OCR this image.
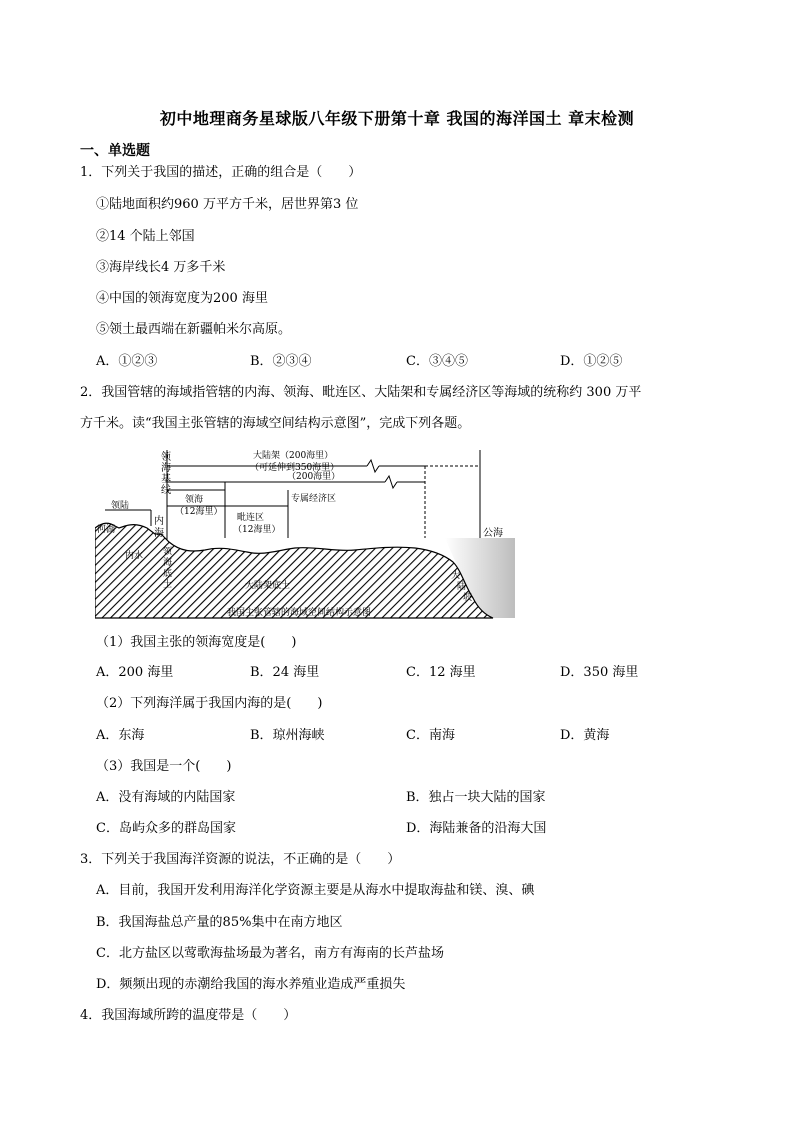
初中地理商务星球版八年级下册第十章 我国的海洋国土 章末检测
一、单选题
1．下列关于我国的描述，正确的组合是（　　）
①陆地面积约960 万平方千米，居世界第3 位
②14 个陆上邻国
③海岸线长4 万多千米
④中国的领海宽度为200 海里
⑤领土最西端在新疆帕米尔高原。
A．①②③	B．②③④	C．③④⑤	D．①②⑤
2．我国管辖的海域指管辖的内海、领海、毗连区、大陆架和专属经济区等海域的统称约 300 万平
方千米。读“我国主张管辖的海域空间结构示意图”，完成下列各题。
领
海
基
线
大陆架（200海里）
（可延伸到350海里）
（200海里）
专属经济区
领陆
领海
（12海里）
毗连区
（12海里）
河湖
内
海
内水 领
海
底
土	大陆架底土
大
陆
坡
公海
我国主张管辖的海域空间结构示意图
（1）我国主张的领海宽度是(　　)
A．200 海里	B．24 海里	C．12 海里	D．350 海里
（2）下列海洋属于我国内海的是(　　)
A．东海	B．琼州海峡	C．南海	D．黄海
（3）我国是一个(　　)
A．没有海域的内陆国家	B．独占一块大陆的国家
C．岛屿众多的群岛国家	D．海陆兼备的沿海大国
3．下列关于我国海洋资源的说法，不正确的是（　　）
A．目前，我国开发利用海洋化学资源主要是从海水中提取海盐和镁、溴、碘
B．我国海盐总产量的85%集中在南方地区
C．北方盐区以莺歌海盐场最为著名，南方有海南的长芦盐场
D．频频出现的赤潮给我国的海水养殖业造成严重损失
4．我国海域所跨的温度带是（　　）
